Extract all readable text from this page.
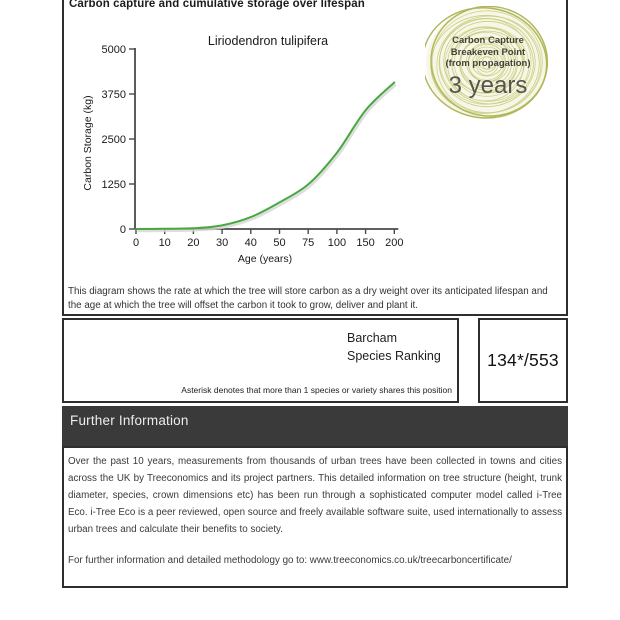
Carbon capture and cumulative storage over lifespan
Liriodendron tulipifera
0
1250
2500
3750
5000
0 10 20 30 40 50 75 100 150 200
Age (years)
Carbon Storage (kg)
Carbon Capture
Breakeven Point
(from propagation)
3 years
This diagram shows the rate at which the tree will store carbon as a dry weight over its anticipated lifespan and the age at which the tree will offset the carbon it took to grow, deliver and plant it.
Barcham
Species Ranking
Asterisk denotes that more than 1 species or variety shares this position
134*/553
Further Information

Over the past 10 years, measurements from thousands of urban trees have been collected in towns and cities across the UK by Treeconomics and its project partners. This detailed information on tree structure (height, trunk diameter, species, crown dimensions etc) has been run through a sophisticated computer model called i-Tree Eco. i-Tree Eco is a peer reviewed, open source and freely available software suite, used internationally to assess urban trees and calculate their benefits to society.

For further information and detailed methodology go to: www.treeconomics.co.uk/treecarboncertificate/
